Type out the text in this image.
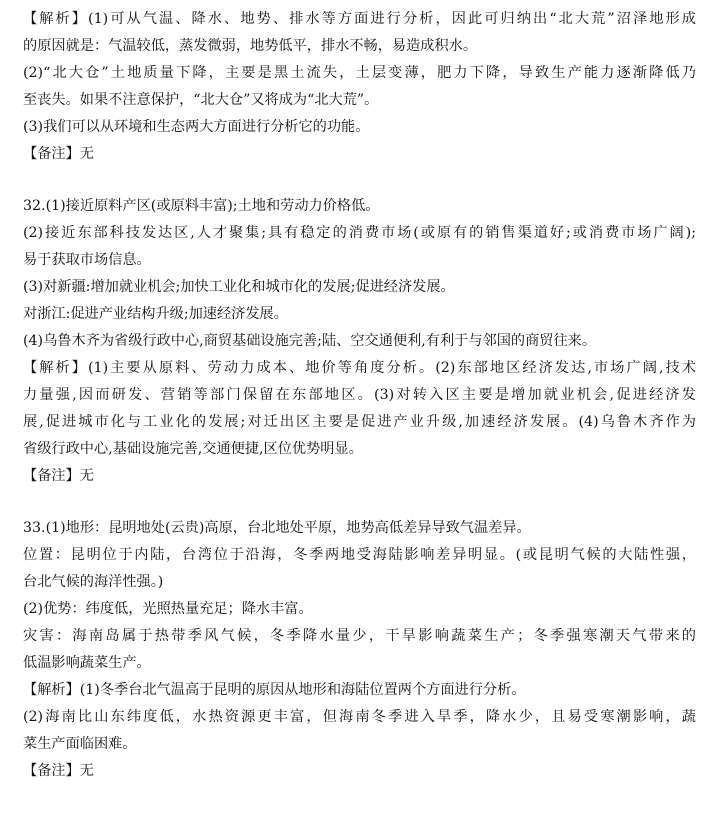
【解析】(1)可从气温、降水、地势、排水等方面进行分析，因此可归纳出“北大荒”沼泽地形成
的原因就是：气温较低，蒸发微弱，地势低平，排水不畅，易造成积水。
(2)“北大仓”土地质量下降，主要是黑土流失，土层变薄，肥力下降，导致生产能力逐渐降低乃
至丧失。如果不注意保护，“北大仓”又将成为“北大荒”。
(3)我们可以从环境和生态两大方面进行分析它的功能。
【备注】无
32.(1)接近原料产区(或原料丰富);土地和劳动力价格低。
(2)接近东部科技发达区,人才聚集;具有稳定的消费市场(或原有的销售渠道好;或消费市场广阔);
易于获取市场信息。
(3)对新疆:增加就业机会;加快工业化和城市化的发展;促进经济发展。
对浙江:促进产业结构升级;加速经济发展。
(4)乌鲁木齐为省级行政中心,商贸基础设施完善;陆、空交通便利,有利于与邻国的商贸往来。
【解析】(1)主要从原料、劳动力成本、地价等角度分析。(2)东部地区经济发达,市场广阔,技术
力量强,因而研发、营销等部门保留在东部地区。(3)对转入区主要是增加就业机会,促进经济发
展,促进城市化与工业化的发展;对迁出区主要是促进产业升级,加速经济发展。(4)乌鲁木齐作为
省级行政中心,基础设施完善,交通便捷,区位优势明显。
【备注】无
33.(1)地形：昆明地处(云贵)高原，台北地处平原，地势高低差异导致气温差异。
位置：昆明位于内陆，台湾位于沿海，冬季两地受海陆影响差异明显。(或昆明气候的大陆性强，
台北气候的海洋性强。)
(2)优势：纬度低，光照热量充足；降水丰富。
灾害：海南岛属于热带季风气候，冬季降水量少，干旱影响蔬菜生产；冬季强寒潮天气带来的
低温影响蔬菜生产。
【解析】(1)冬季台北气温高于昆明的原因从地形和海陆位置两个方面进行分析。
(2)海南比山东纬度低，水热资源更丰富，但海南冬季进入旱季，降水少，且易受寒潮影响，蔬
菜生产面临困难。
【备注】无
